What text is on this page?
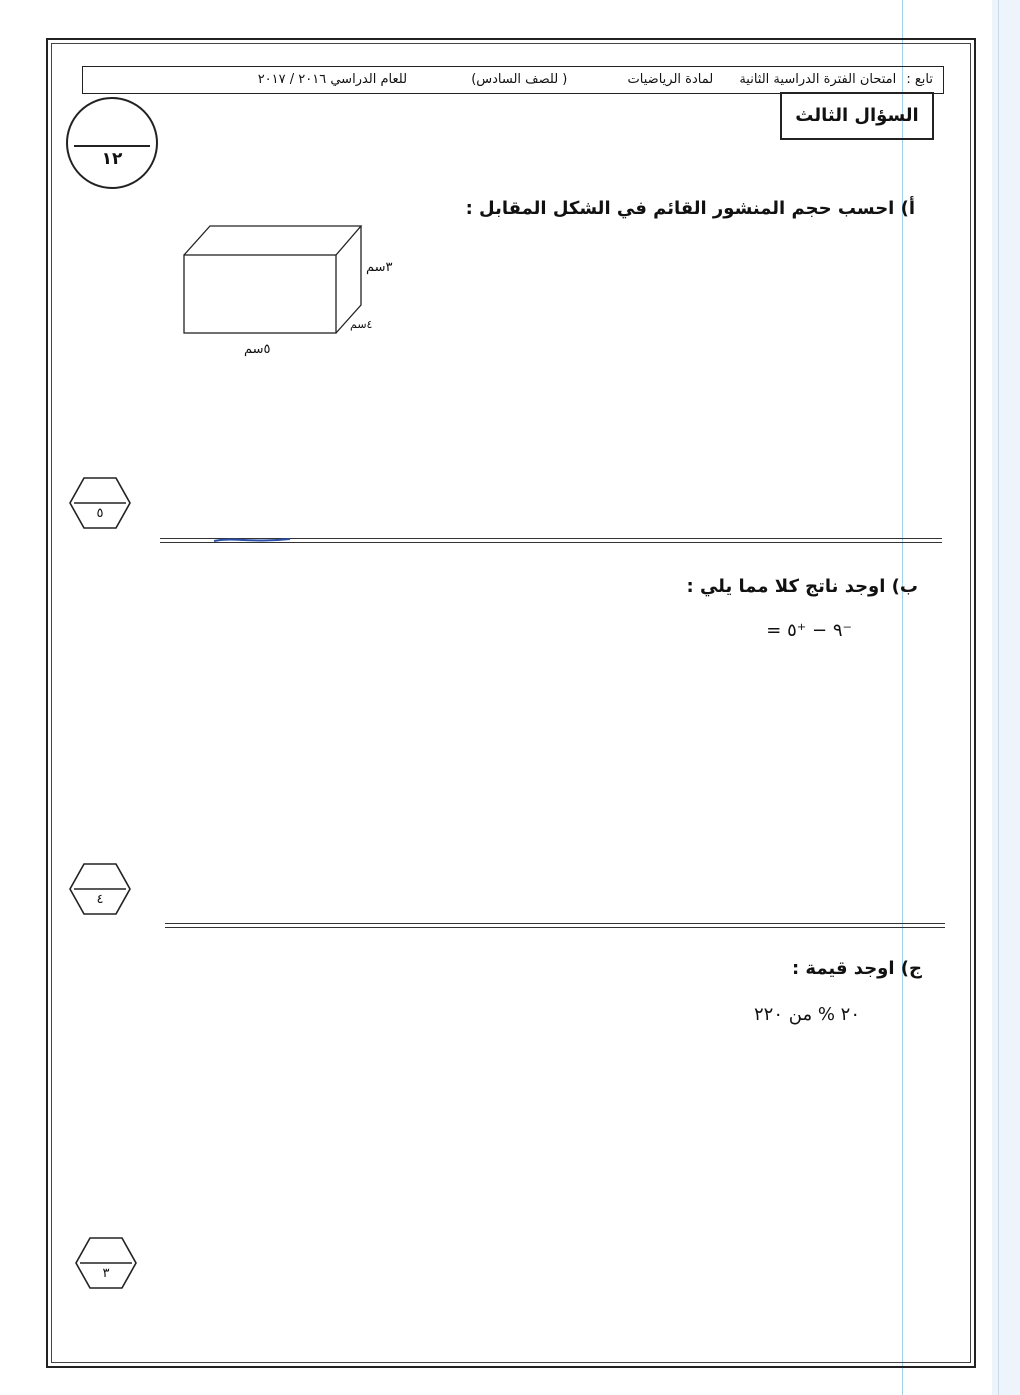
تابع : امتحان الفترة الدراسية الثانية لمادة الرياضيات ( للصف السادس) للعام الدراسي ٢٠١٦ / ٢٠١٧
السؤال الثالث
١٢
أ) احسب حجم المنشور القائم في الشكل المقابل :
٣سم
٤سم
٥سم
٥
ب) اوجد ناتج كلا مما يلي :
⁻٩ − ⁺٥ =
٤
ج) اوجد قيمة :
٢٠ % من ٢٢٠
٣
